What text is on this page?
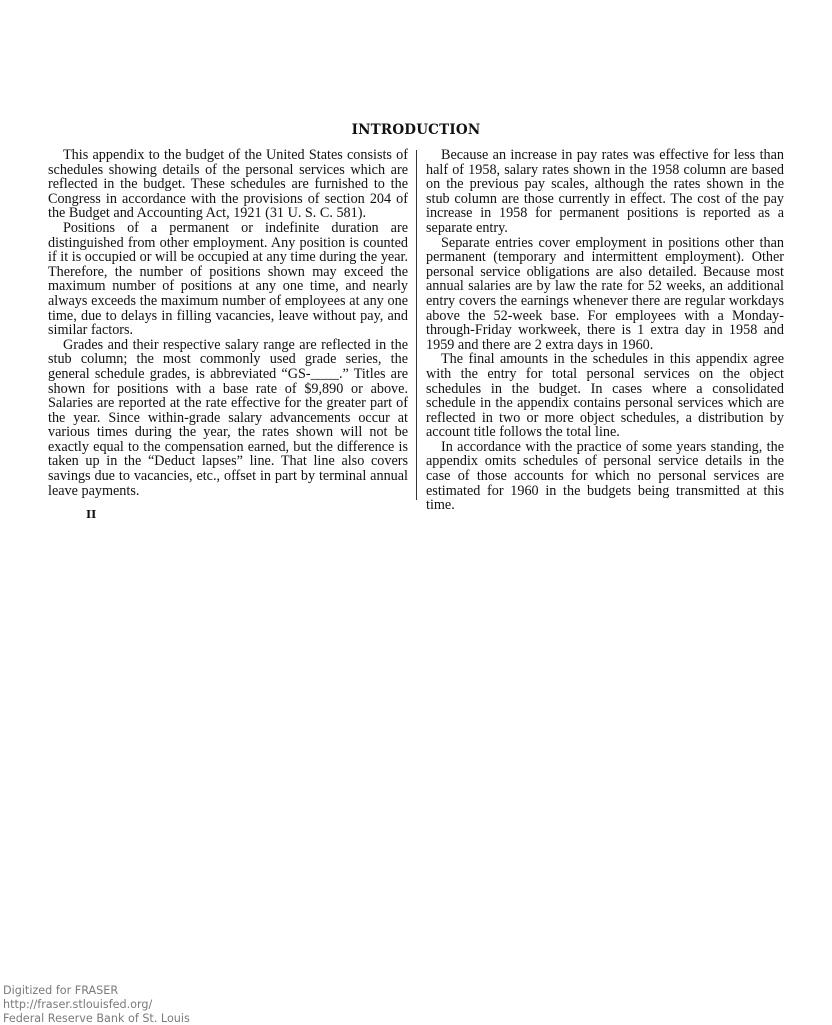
INTRODUCTION

This appendix to the budget of the United States consists of schedules showing details of the personal services which are reflected in the budget. These schedules are furnished to the Congress in accordance with the provisions of section 204 of the Budget and Accounting Act, 1921 (31 U. S. C. 581).

Positions of a permanent or indefinite duration are distinguished from other employment. Any position is counted if it is occupied or will be occupied at any time during the year. Therefore, the number of positions shown may exceed the maximum number of positions at any one time, and nearly always exceeds the maximum number of employees at any one time, due to delays in filling vacancies, leave without pay, and similar factors.

Grades and their respective salary range are reflected in the stub column; the most commonly used grade series, the general schedule grades, is abbreviated “GS-____.” Titles are shown for positions with a base rate of $9,890 or above. Salaries are reported at the rate effective for the greater part of the year. Since within-grade salary advancements occur at various times during the year, the rates shown will not be exactly equal to the compensation earned, but the difference is taken up in the “Deduct lapses” line. That line also covers savings due to vacancies, etc., offset in part by terminal annual leave payments.

Because an increase in pay rates was effective for less than half of 1958, salary rates shown in the 1958 column are based on the previous pay scales, although the rates shown in the stub column are those currently in effect. The cost of the pay increase in 1958 for permanent positions is reported as a separate entry.

Separate entries cover employment in positions other than permanent (temporary and intermittent employment). Other personal service obligations are also detailed. Because most annual salaries are by law the rate for 52 weeks, an additional entry covers the earnings whenever there are regular workdays above the 52-week base. For employees with a Monday-through-Friday workweek, there is 1 extra day in 1958 and 1959 and there are 2 extra days in 1960.

The final amounts in the schedules in this appendix agree with the entry for total personal services on the object schedules in the budget. In cases where a consolidated schedule in the appendix contains personal services which are reflected in two or more object schedules, a distribution by account title follows the total line.

In accordance with the practice of some years standing, the appendix omits schedules of personal service details in the case of those accounts for which no personal services are estimated for 1960 in the budgets being transmitted at this time.

II
Digitized for FRASER
http://fraser.stlouisfed.org/
Federal Reserve Bank of St. Louis
